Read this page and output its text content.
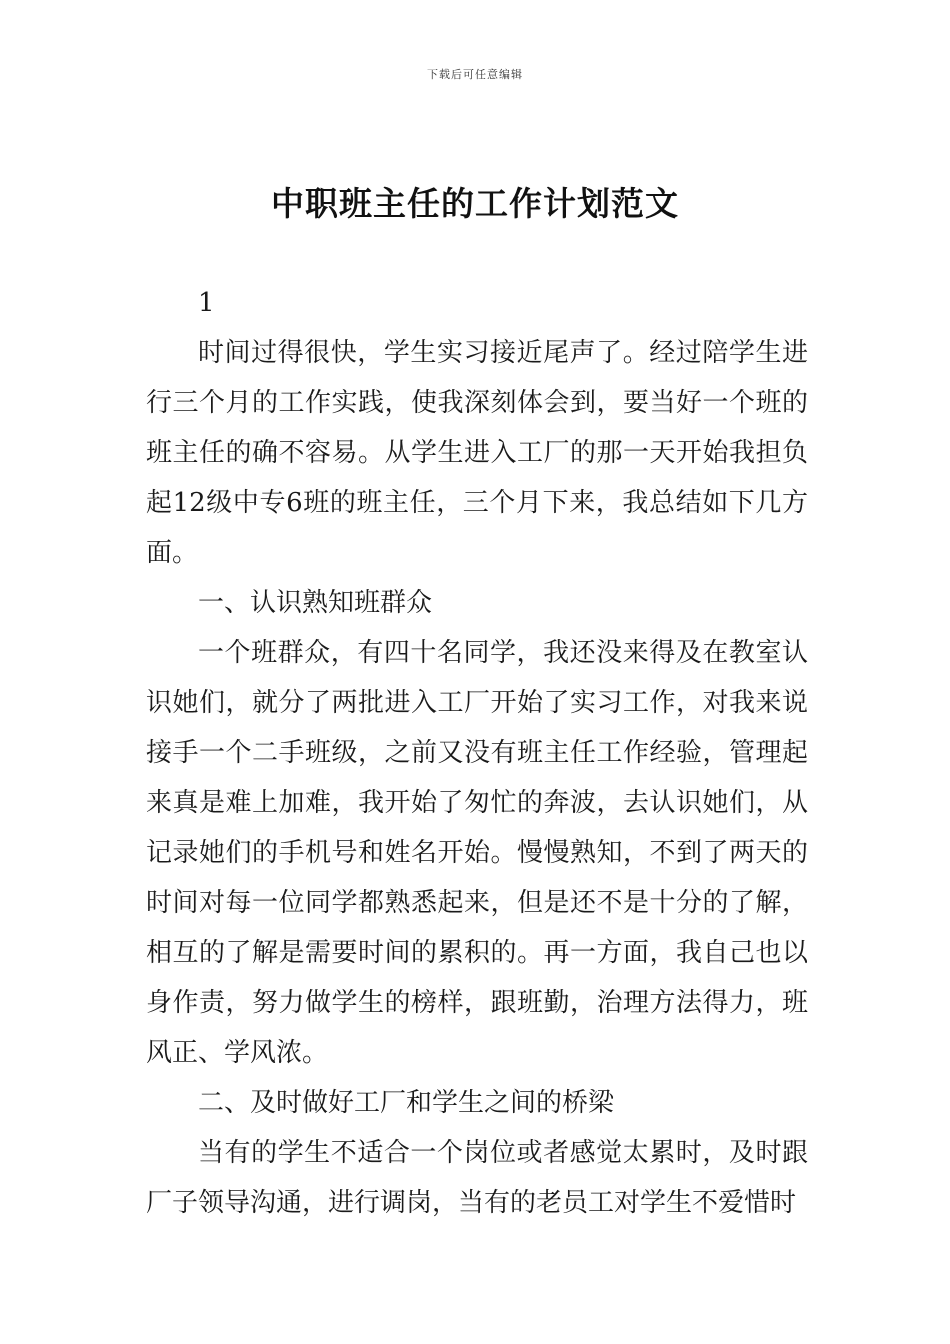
下载后可任意编辑
中职班主任的工作计划范文

1

时间过得很快，学生实习接近尾声了。经过陪学生进行三个月的工作实践，使我深刻体会到，要当好一个班的班主任的确不容易。从学生进入工厂的那一天开始我担负起12级中专6班的班主任，三个月下来，我总结如下几方面。

一、认识熟知班群众

一个班群众，有四十名同学，我还没来得及在教室认识她们，就分了两批进入工厂开始了实习工作，对我来说接手一个二手班级，之前又没有班主任工作经验，管理起来真是难上加难，我开始了匆忙的奔波，去认识她们，从记录她们的手机号和姓名开始。慢慢熟知，不到了两天的时间对每一位同学都熟悉起来，但是还不是十分的了解，相互的了解是需要时间的累积的。再一方面，我自己也以身作责，努力做学生的榜样，跟班勤，治理方法得力，班风正、学风浓。

二、及时做好工厂和学生之间的桥梁

当有的学生不适合一个岗位或者感觉太累时，及时跟厂子领导沟通，进行调岗，当有的老员工对学生不爱惜时
